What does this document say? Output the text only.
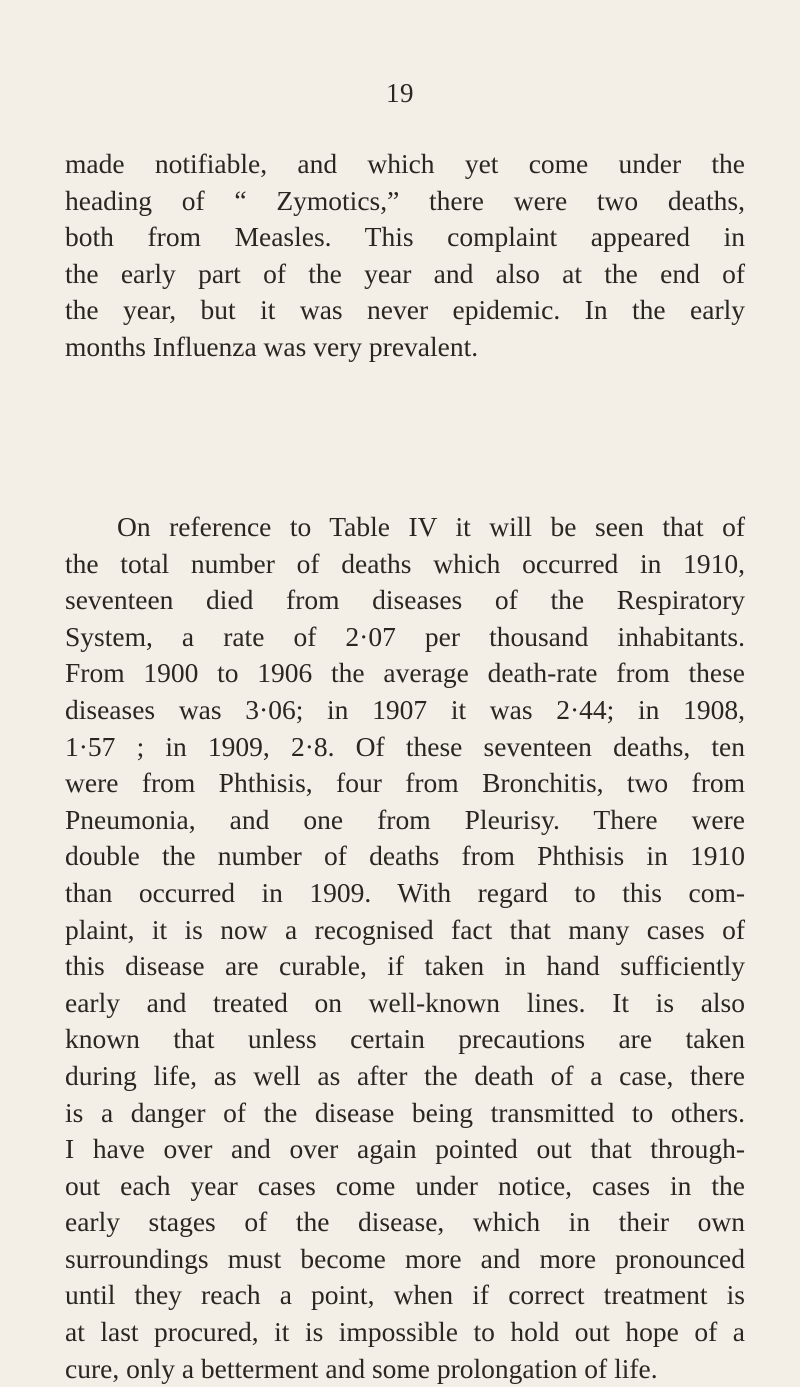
19
made notifiable, and which yet come under the
heading of “ Zymotics,” there were two deaths,
both from Measles. This complaint appeared in
the early part of the year and also at the end of
the year, but it was never epidemic. In the early
months Influenza was very prevalent.
On reference to Table IV it will be seen that of
the total number of deaths which occurred in 1910,
seventeen died from diseases of the Respiratory
System, a rate of 2·07 per thousand inhabitants.
From 1900 to 1906 the average death-rate from these
diseases was 3·06; in 1907 it was 2·44; in 1908,
1·57 ; in 1909, 2·8. Of these seventeen deaths, ten
were from Phthisis, four from Bronchitis, two from
Pneumonia, and one from Pleurisy. There were
double the number of deaths from Phthisis in 1910
than occurred in 1909. With regard to this com-
plaint, it is now a recognised fact that many cases of
this disease are curable, if taken in hand sufficiently
early and treated on well-known lines. It is also
known that unless certain precautions are taken
during life, as well as after the death of a case, there
is a danger of the disease being transmitted to others.
I have over and over again pointed out that through-
out each year cases come under notice, cases in the
early stages of the disease, which in their own
surroundings must become more and more pronounced
until they reach a point, when if correct treatment is
at last procured, it is impossible to hold out hope of a
cure, only a betterment and some prolongation of life.
